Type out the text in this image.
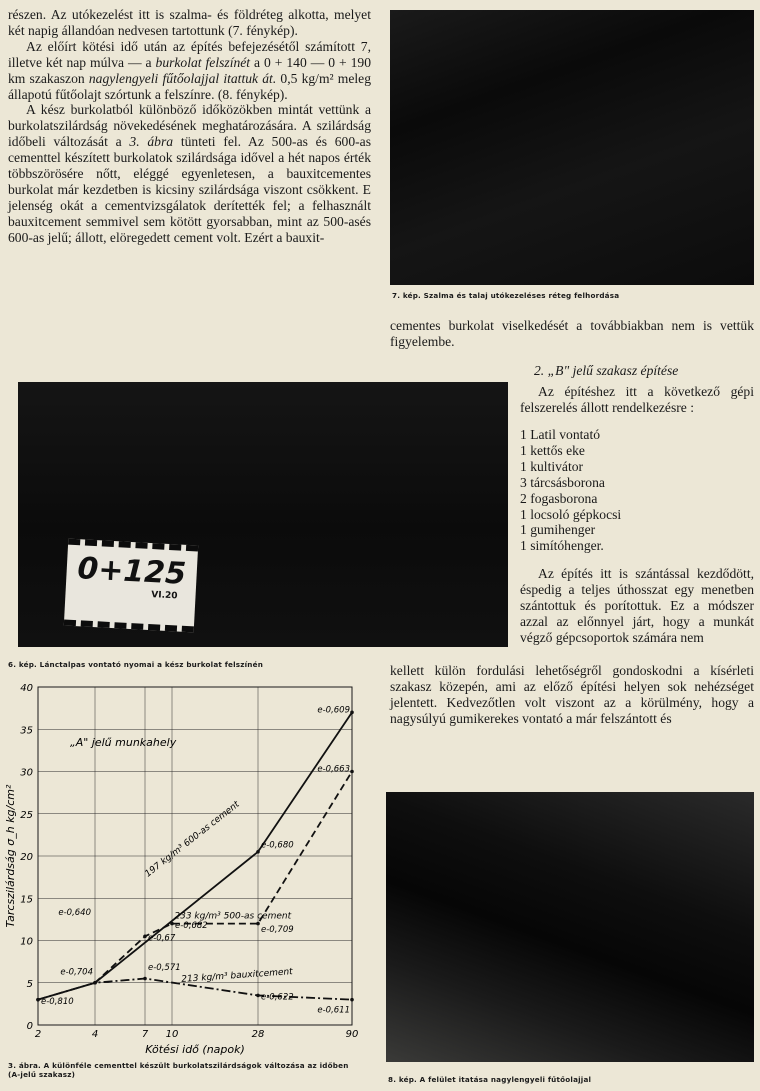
részen. Az utókezelést itt is szalma- és földréteg alkotta, melyet két napig állandóan nedvesen tartottunk (7. fénykép).

Az előírt kötési idő után az építés befejezésétől számított 7, illetve két nap múlva — a burkolat felszínét a 0 + 140 — 0 + 190 km szakaszon nagylengyeli fűtőolajjal itattuk át. 0,5 kg/m² meleg állapotú fűtőolajt szórtunk a felszínre. (8. fénykép).

A kész burkolatból különböző időközökben mintát vettünk a burkolatszilárdság növekedésének meghatározására. A szilárdság időbeli változását a 3. ábra tünteti fel. Az 500-as és 600-as cementtel készített burkolatok szilárdsága idővel a hét napos érték többszörösére nőtt, eléggé egyenletesen, a bauxitcementes burkolat már kezdetben is kicsiny szilárdsága viszont csökkent. E jelenség okát a cementvizsgálatok derítették fel; a felhasznált bauxitcement semmivel sem kötött gyorsabban, mint az 500-asés 600-as jelű; állott, elöregedett cement volt. Ezért a bauxit-

7. kép. Szalma és talaj utókezeléses réteg felhordása

cementes burkolat viselkedését a továbbiakban nem is vettük figyelembe.

2. „B" jelű szakasz építése

Az építéshez itt a következő gépi felszerelés állott rendelkezésre :

1 Latil vontató
1 kettős eke
1 kultivátor
3 tárcsásborona
2 fogasborona
1 locsoló gépkocsi
1 gumihenger
1 simítóhenger.

Az építés itt is szántással kezdődött, éspedig a teljes úthosszat egy menetben szántottuk és porítottuk. Ez a módszer azzal az előnnyel járt, hogy a munkát végző gépcsoportok számára nem

kellett külön fordulási lehetőségről gondoskodni a kísérleti szakasz közepén, ami az előző építési helyen sok nehézséget jelentett. Kedvezőtlen volt viszont az a körülmény, hogy a nagysúlyú gumikerekes vontató a már felszántott és

0+125
VI.20
6. kép. Lánctalpas vontató nyomai a kész burkolat felszínén
0
5
10
15
20
25
30
35
40
2	4	7 10	28	90
Kötési idő (napok)
Tarcszilárdság σ_h kg/cm²
„A" jelű munkahely
197 kg/m³ 600-as cement
233 kg/m³ 500-as cement
213 kg/m³ bauxitcement
e-0,810
e-0,704
e-0,640
e-0,571
e-0,67
e-0,682
e-0,680
e-0,709
e-0,622
e-0,663
e-0,609
e-0,611
3. ábra. A különféle cementtel készült burkolatszilárdságok változása az időben (A-jelű szakasz)
8. kép. A felület itatása nagylengyeli fűtőolajjal
